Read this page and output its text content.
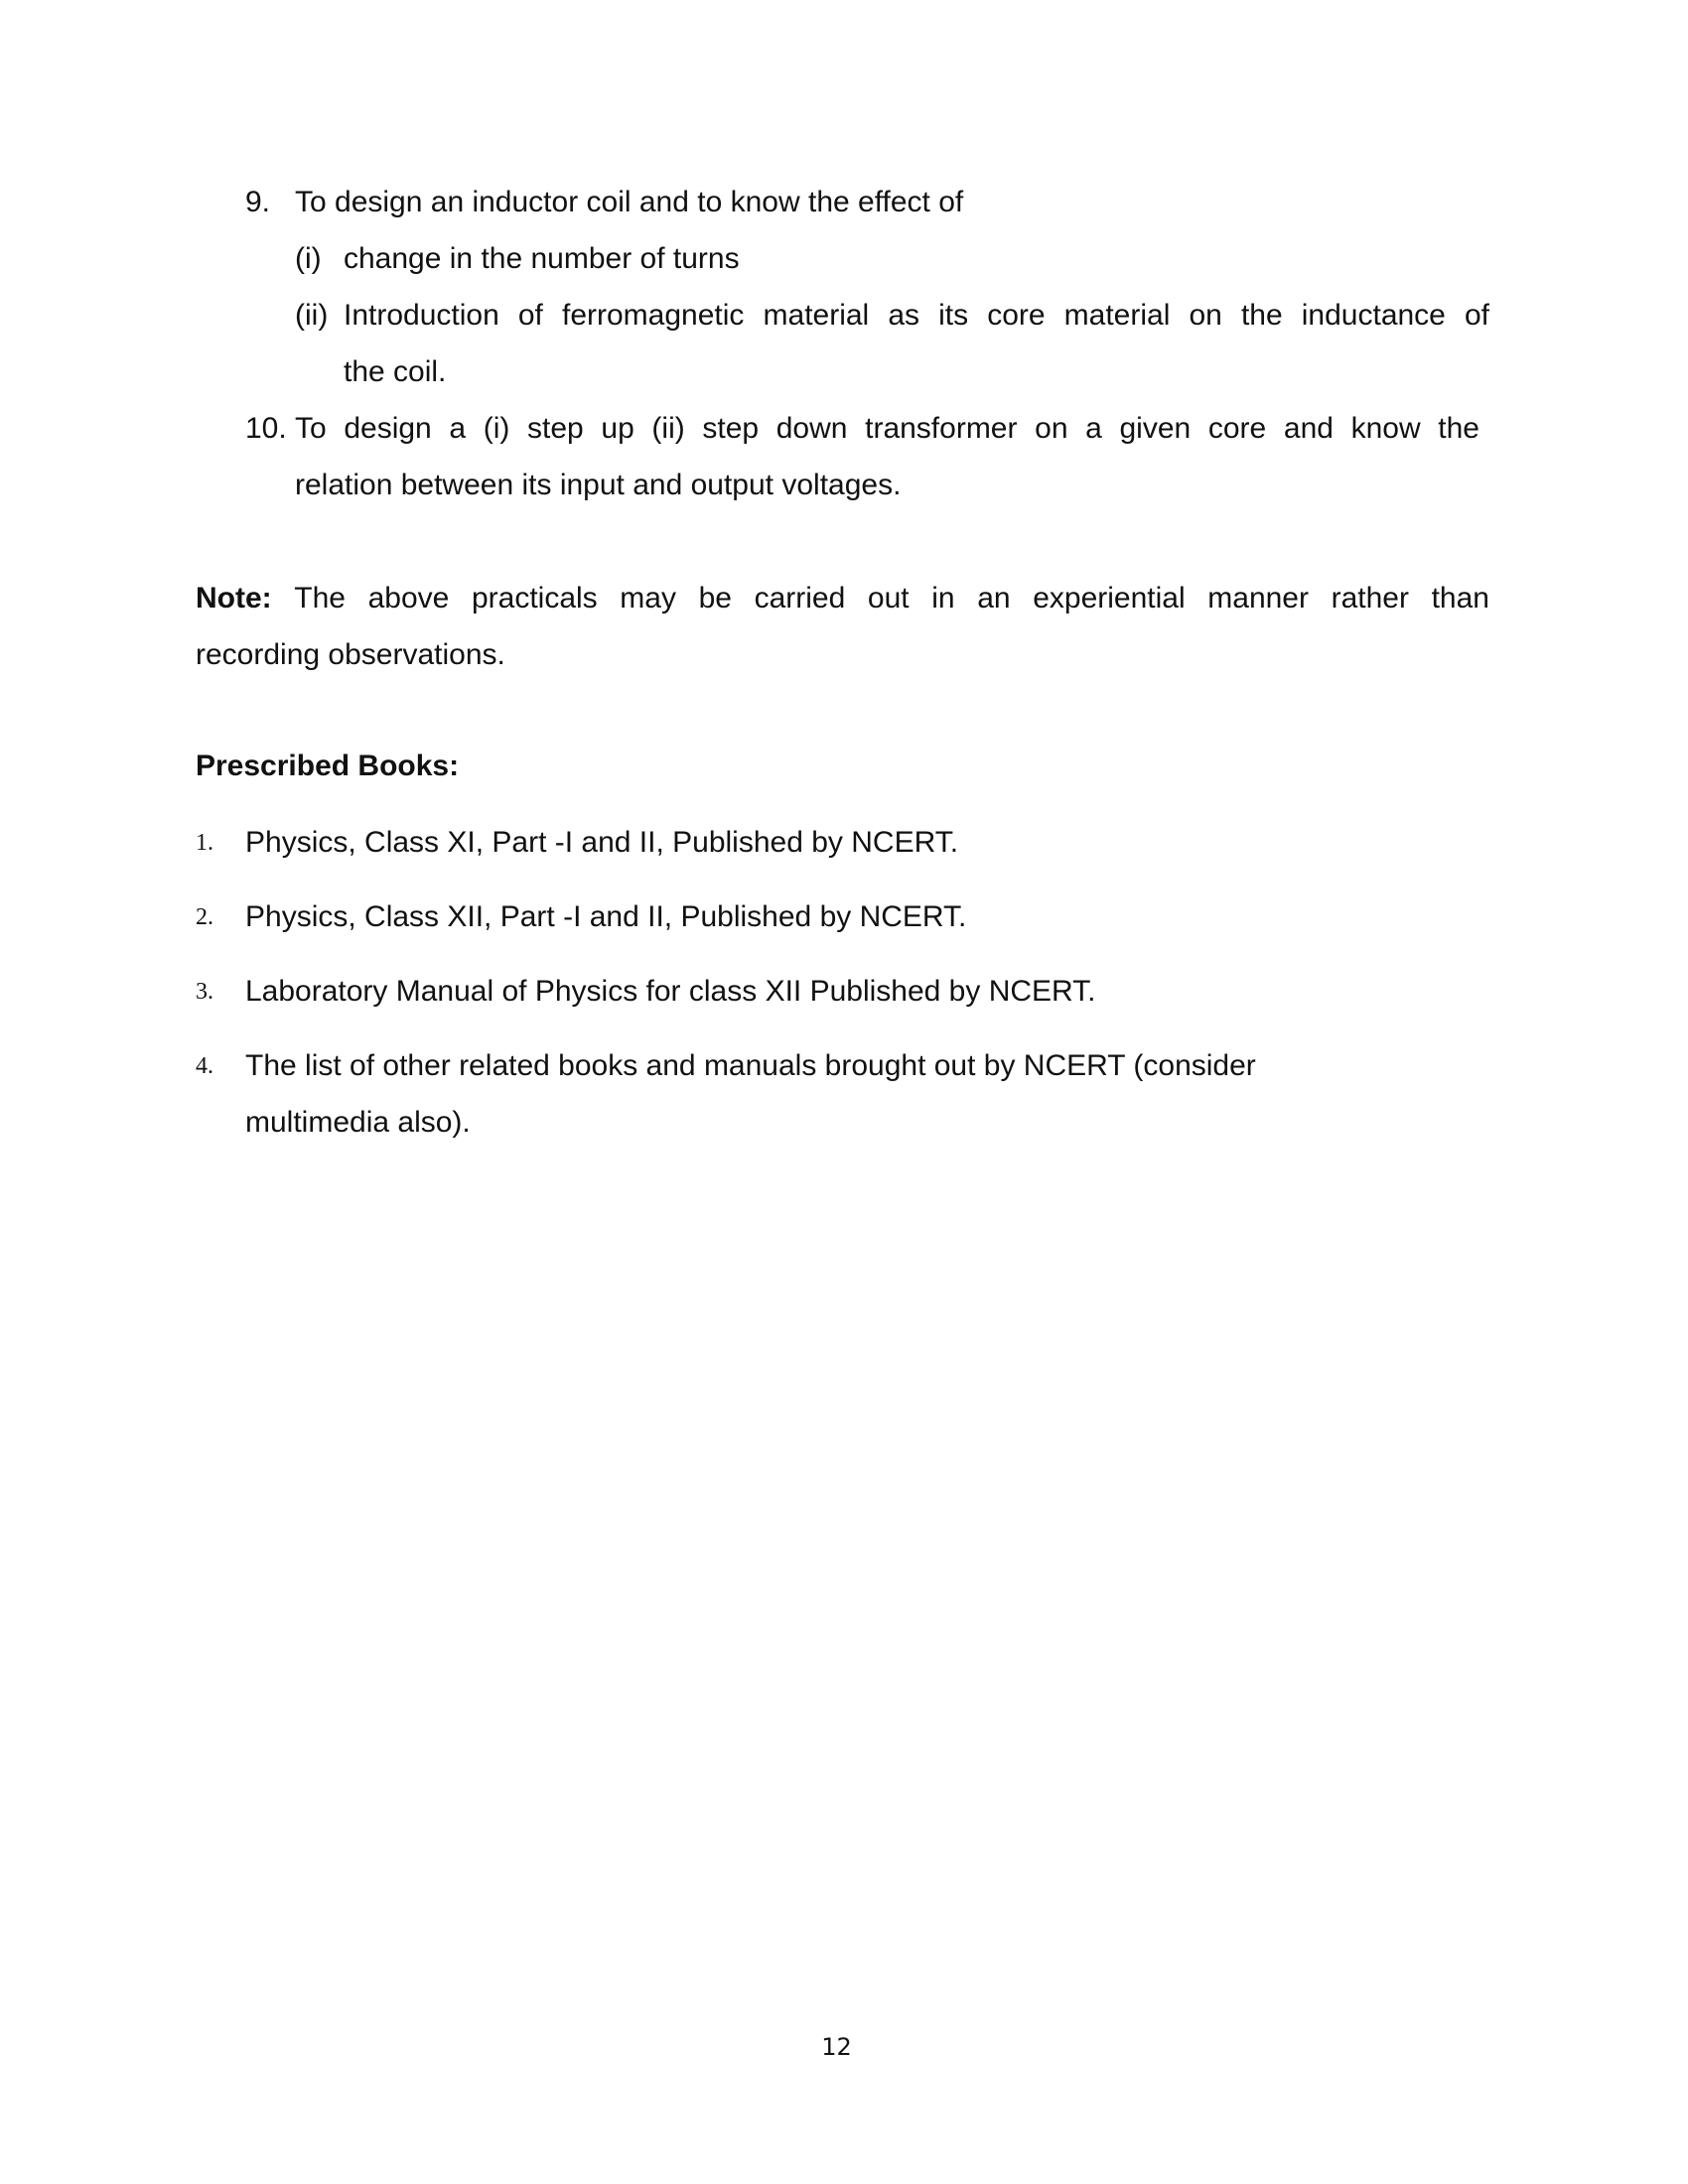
9. To design an inductor coil and to know the effect of
(i) change in the number of turns
(ii) Introduction of ferromagnetic material as its core material on the inductance of
the coil.
10. To design a (i) step up (ii) step down transformer on a given core and know the
relation between its input and output voltages.
Note: The above practicals may be carried out in an experiential manner rather than
recording observations.
Prescribed Books:
1. Physics, Class XI, Part -I and II, Published by NCERT.
2. Physics, Class XII, Part -I and II, Published by NCERT.
3. Laboratory Manual of Physics for class XII Published by NCERT.
4. The list of other related books and manuals brought out by NCERT (consider
multimedia also).
12
